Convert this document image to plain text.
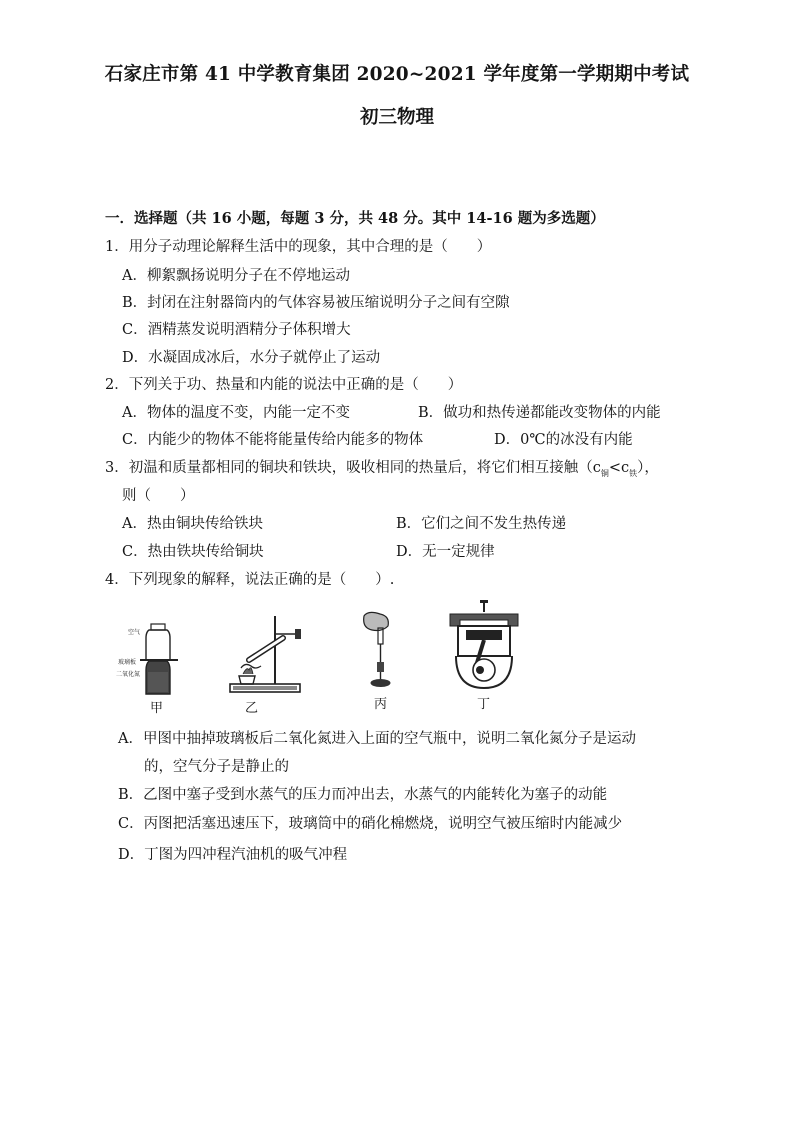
石家庄市第 41 中学教育集团 2020~2021 学年度第一学期期中考试
初三物理
一．选择题（共 16 小题，每题 3 分，共 48 分。其中 14-16 题为多选题）
1．用分子动理论解释生活中的现象，其中合理的是（　　）
A．柳絮飘扬说明分子在不停地运动
B．封闭在注射器筒内的气体容易被压缩说明分子之间有空隙
C．酒精蒸发说明酒精分子体积增大
D．水凝固成冰后，水分子就停止了运动
2．下列关于功、热量和内能的说法中正确的是（　　）
A．物体的温度不变，内能一定不变	B．做功和热传递都能改变物体的内能
C．内能少的物体不能将能量传给内能多的物体	D．0℃的冰没有内能
3．初温和质量都相同的铜块和铁块，吸收相同的热量后，将它们相互接触$(c_铜<c_铁)$，
则（　　）
A．热由铜块传给铁块	B．它们之间不发生热传递
C．热由铁块传给铜块	D．无一定规律
4．下列现象的解释，说法正确的是（　　）.
空气
玻璃板
二氧化氮
甲	乙	丙	丁
A．甲图中抽掉玻璃板后二氧化氮进入上面的空气瓶中，说明二氧化氮分子是运动
的，空气分子是静止的
B．乙图中塞子受到水蒸气的压力而冲出去，水蒸气的内能转化为塞子的动能
C．丙图把活塞迅速压下，玻璃筒中的硝化棉燃烧，说明空气被压缩时内能减少
D．丁图为四冲程汽油机的吸气冲程
